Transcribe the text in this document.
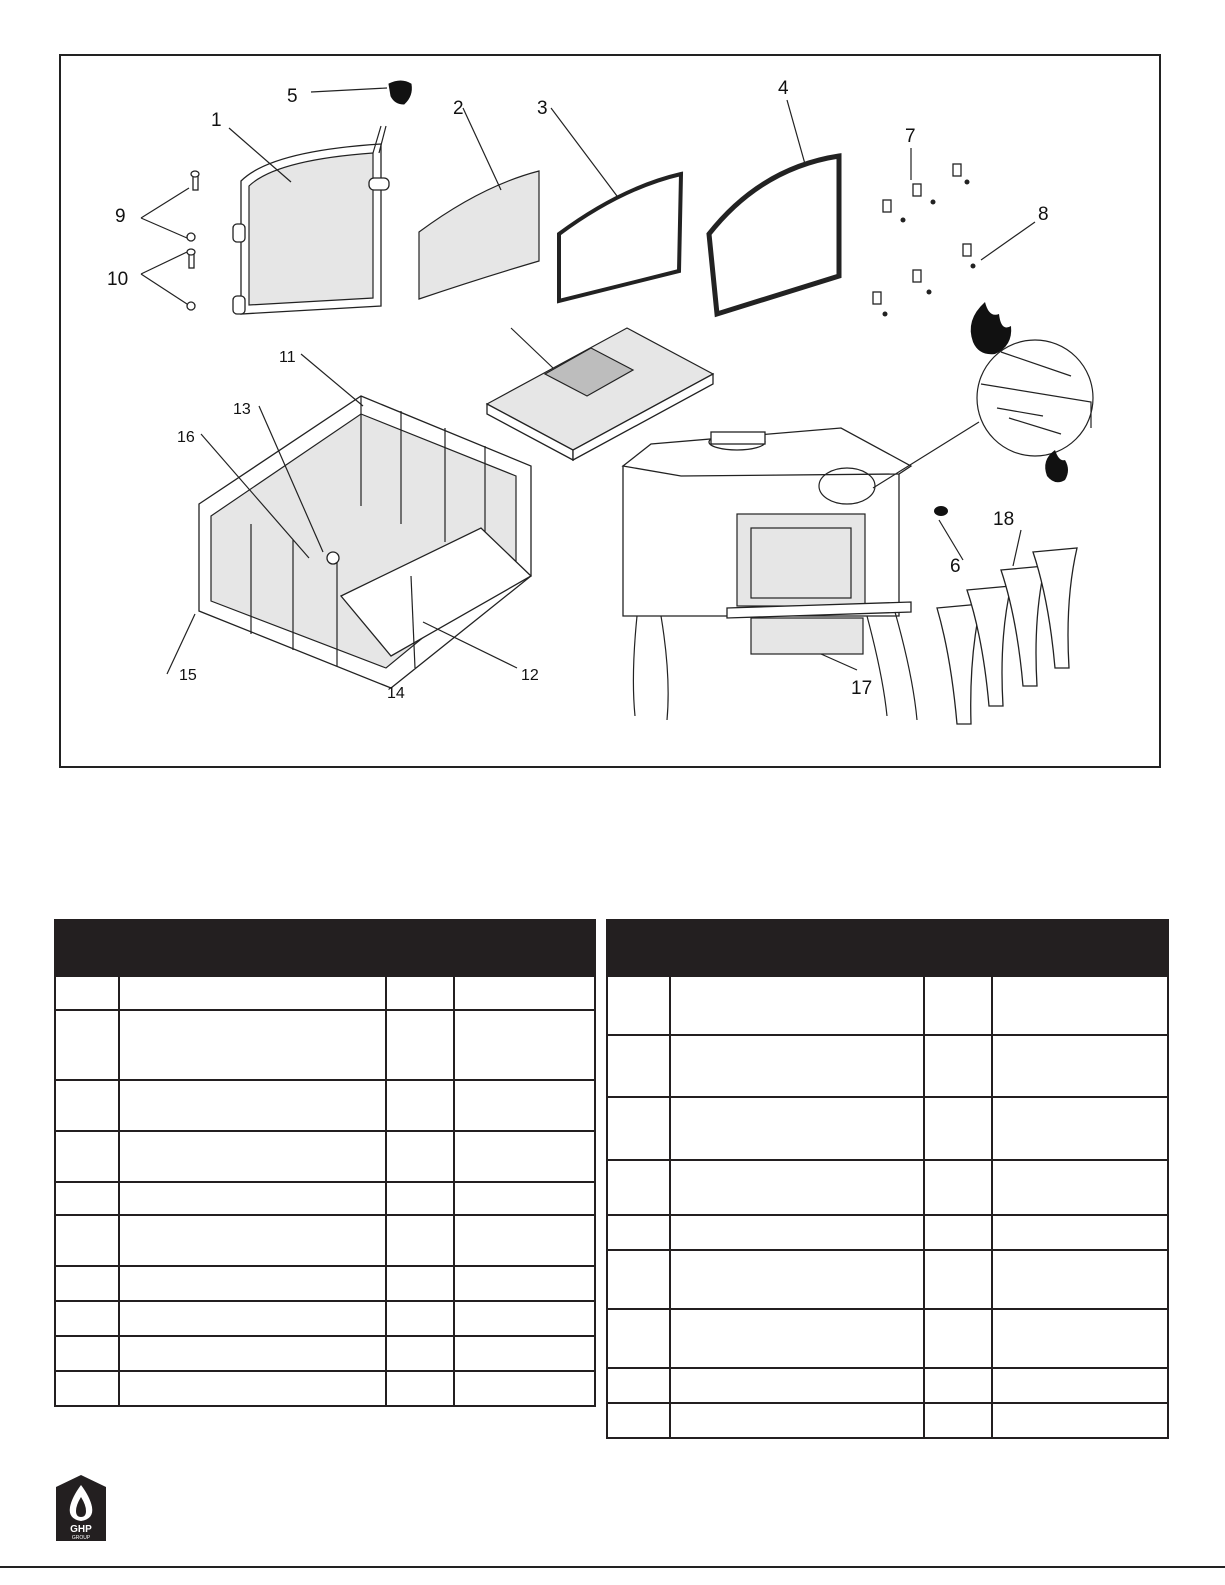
5
1
2	3
4
7
8
9
10
11
13
16
15
14
12
6
17
18

GHP
GROUP
